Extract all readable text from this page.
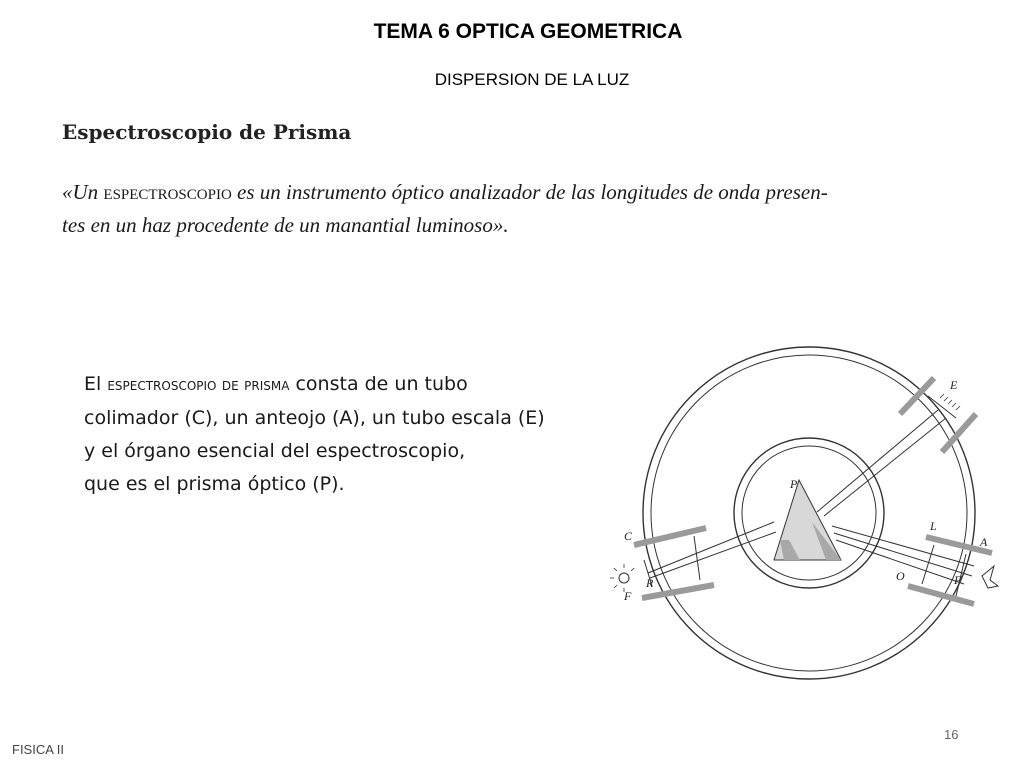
TEMA 6 OPTICA GEOMETRICA
DISPERSION DE LA LUZ
Espectroscopio de Prisma
«Un espectroscopio es un instrumento óptico analizador de las longitudes de onda presen-
tes en un haz procedente de un manantial luminoso».
El espectroscopio de prisma consta de un tubo
colimador (C), un anteojo (A), un tubo escala (E)
y el órgano esencial del espectroscopio,
que es el prisma óptico (P).	P
E
C
L
A
O
R
F
F
16
FISICA II
